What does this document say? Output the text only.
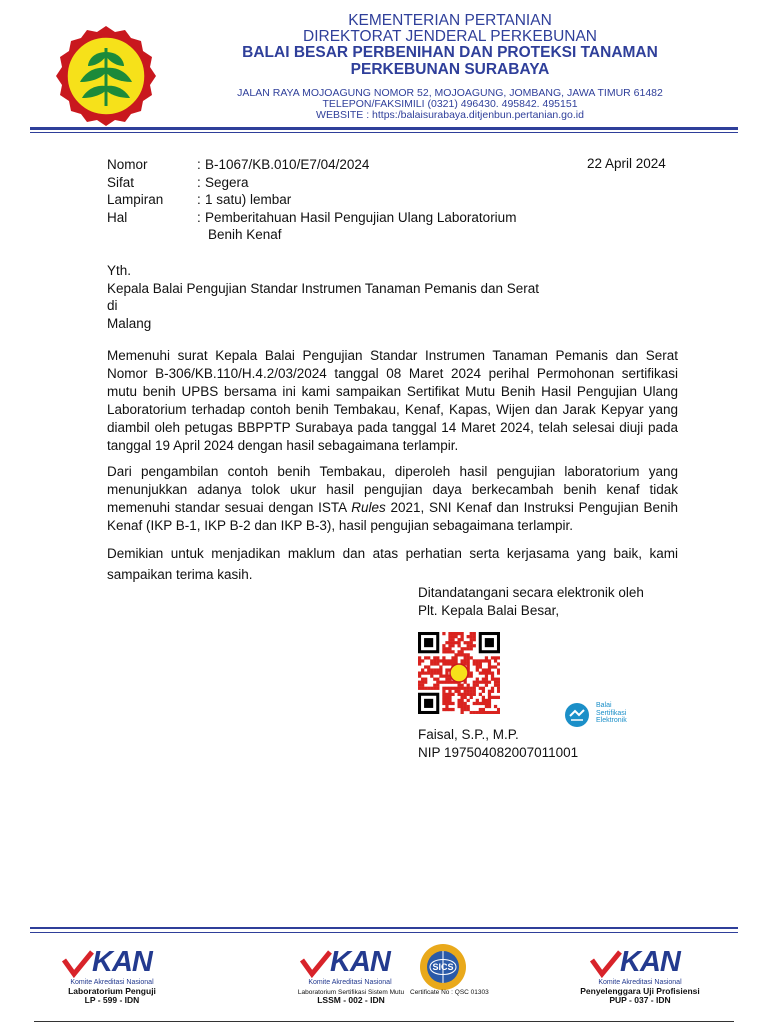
KEMENTERIAN PERTANIAN
DIREKTORAT JENDERAL PERKEBUNAN
BALAI BESAR PERBENIHAN DAN PROTEKSI TANAMAN
PERKEBUNAN SURABAYA
JALAN RAYA MOJOAGUNG NOMOR 52, MOJOAGUNG, JOMBANG, JAWA TIMUR 61482
TELEPON/FAKSIMILI (0321) 496430. 495842. 495151
WEBSITE : https:/balaisurabaya.ditjenbun.pertanian.go.id
Nomor	: B-1067/KB.010/E7/04/2024
Sifat	: Segera
Lampiran	: 1 satu) lembar
Hal	: Pemberitahuan Hasil Pengujian Ulang Laboratorium
Benih Kenaf
22 April 2024
Yth.
Kepala Balai Pengujian Standar Instrumen Tanaman Pemanis dan Serat
di
Malang
Memenuhi surat Kepala Balai Pengujian Standar Instrumen Tanaman Pemanis dan Serat Nomor B-306/KB.110/H.4.2/03/2024 tanggal 08 Maret 2024 perihal Permohonan sertifikasi mutu benih UPBS bersama ini kami sampaikan Sertifikat Mutu Benih Hasil Pengujian Ulang Laboratorium terhadap contoh benih Tembakau, Kenaf, Kapas, Wijen dan Jarak Kepyar yang diambil oleh petugas BBPPTP Surabaya pada tanggal 14 Maret 2024, telah selesai diuji pada tanggal 19 April 2024 dengan hasil sebagaimana terlampir.
Dari pengambilan contoh benih Tembakau, diperoleh hasil pengujian laboratorium yang menunjukkan adanya tolok ukur hasil pengujian daya berkecambah benih kenaf tidak memenuhi standar sesuai dengan ISTA Rules 2021, SNI Kenaf dan Instruksi Pengujian Benih Kenaf (IKP B-1, IKP B-2 dan IKP B-3), hasil pengujian sebagaimana terlampir.
Demikian untuk menjadikan maklum dan atas perhatian serta kerjasama yang baik, kami sampaikan terima kasih.
Ditandatangani secara elektronik oleh
Plt. Kepala Balai Besar,
Balai
Sertifikasi
Elektronik
Faisal, S.P., M.P.
NIP 197504082007011001
KAN
Komite Akreditasi Nasional
Laboratorium Penguji
LP - 599 - IDN
KAN
Komite Akreditasi Nasional
Laboratorium Sertifikasi Sistem Mutu
LSSM - 002 - IDN
SICS
Certificate No : QSC 01303
KAN
Komite Akreditasi Nasional
Penyelenggara Uji Profisiensi
PUP - 037 - IDN
